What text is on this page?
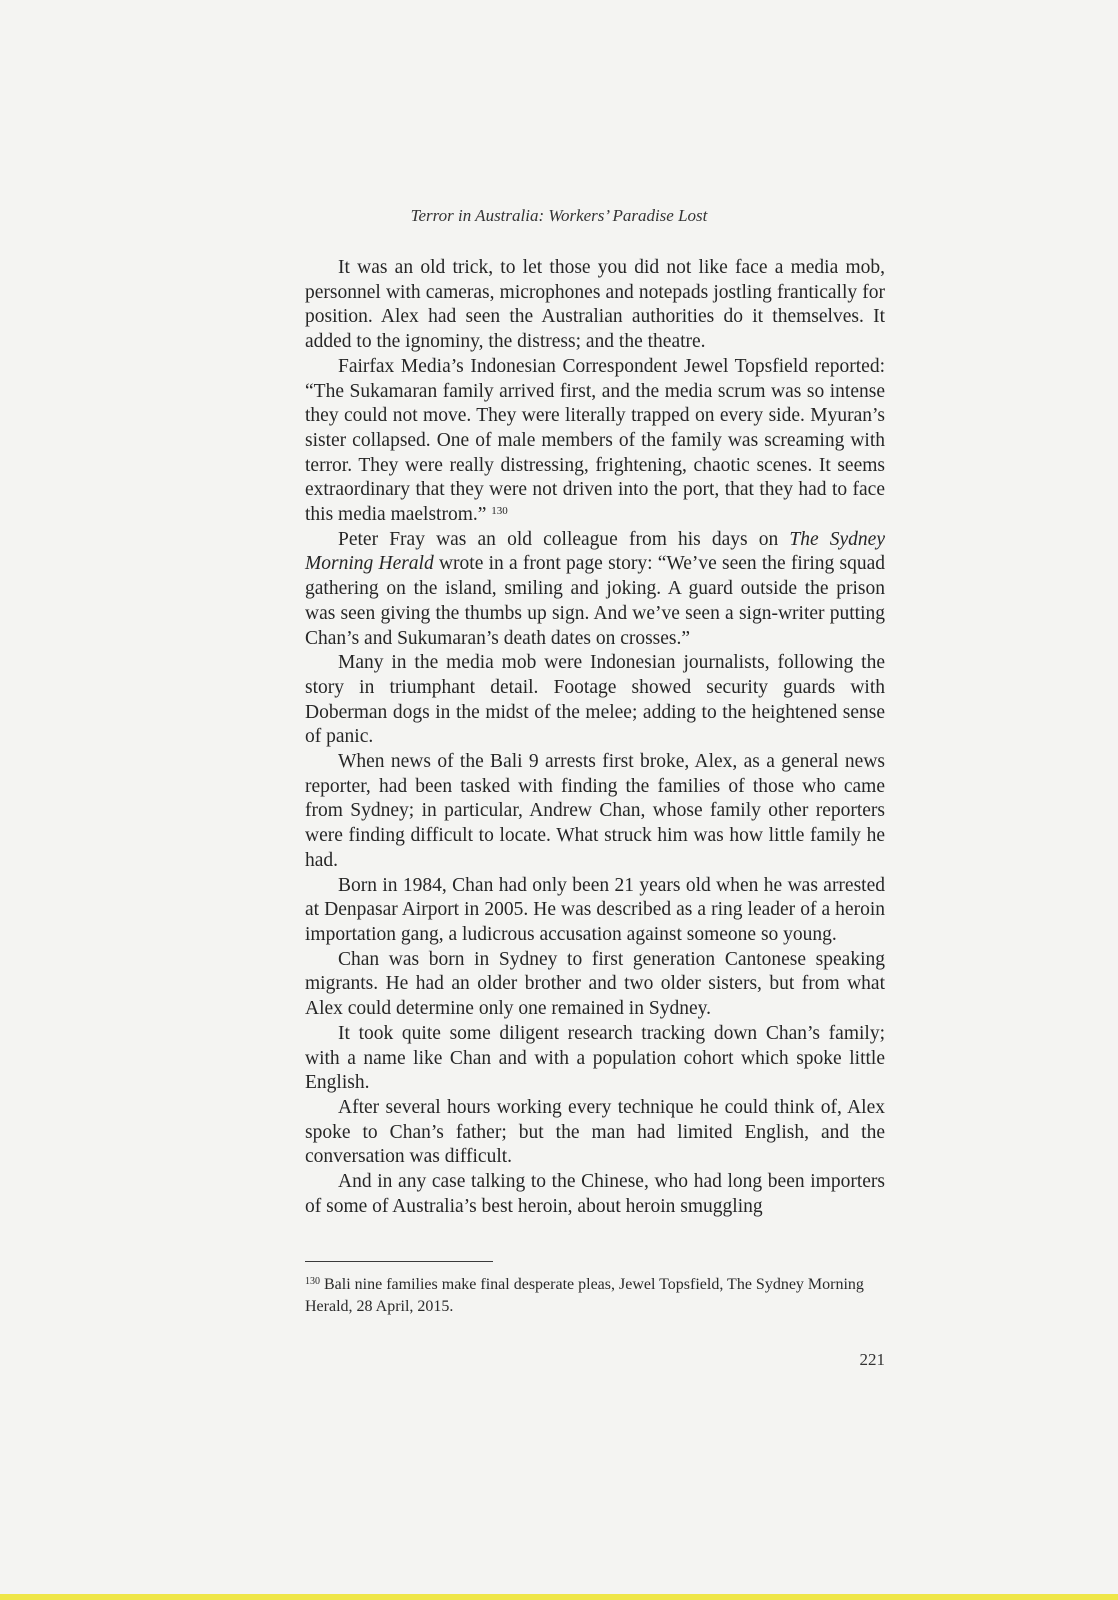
Terror in Australia: Workers’ Paradise Lost

It was an old trick, to let those you did not like face a media mob, personnel with cameras, microphones and notepads jostling frantically for position. Alex had seen the Australian authorities do it themselves. It added to the ignominy, the distress; and the theatre.

Fairfax Media’s Indonesian Correspondent Jewel Topsfield reported: “The Sukamaran family arrived first, and the media scrum was so intense they could not move. They were literally trapped on every side. Myuran’s sister collapsed. One of male members of the family was screaming with terror. They were really distressing, frightening, chaotic scenes. It seems extraordinary that they were not driven into the port, that they had to face this media maelstrom.” $^{130}$

Peter Fray was an old colleague from his days on The Sydney Morning Herald wrote in a front page story: “We’ve seen the firing squad gathering on the island, smiling and joking. A guard outside the prison was seen giving the thumbs up sign. And we’ve seen a sign-writer putting Chan’s and Sukumaran’s death dates on crosses.”

Many in the media mob were Indonesian journalists, following the story in triumphant detail. Footage showed security guards with Doberman dogs in the midst of the melee; adding to the heightened sense of panic.

When news of the Bali 9 arrests first broke, Alex, as a general news reporter, had been tasked with finding the families of those who came from Sydney; in particular, Andrew Chan, whose family other reporters were finding difficult to locate. What struck him was how little family he had.

Born in 1984, Chan had only been 21 years old when he was arrested at Denpasar Airport in 2005. He was described as a ring leader of a heroin importation gang, a ludicrous accusation against someone so young.

Chan was born in Sydney to first generation Cantonese speaking migrants. He had an older brother and two older sisters, but from what Alex could determine only one remained in Sydney.

It took quite some diligent research tracking down Chan’s family; with a name like Chan and with a population cohort which spoke little English.

After several hours working every technique he could think of, Alex spoke to Chan’s father; but the man had limited English, and the conversation was difficult.

And in any case talking to the Chinese, who had long been importers of some of Australia’s best heroin, about heroin smuggling

$^{130}$ Bali nine families make final desperate pleas, Jewel Topsfield, The Sydney Morning Herald, 28 April, 2015.
221
